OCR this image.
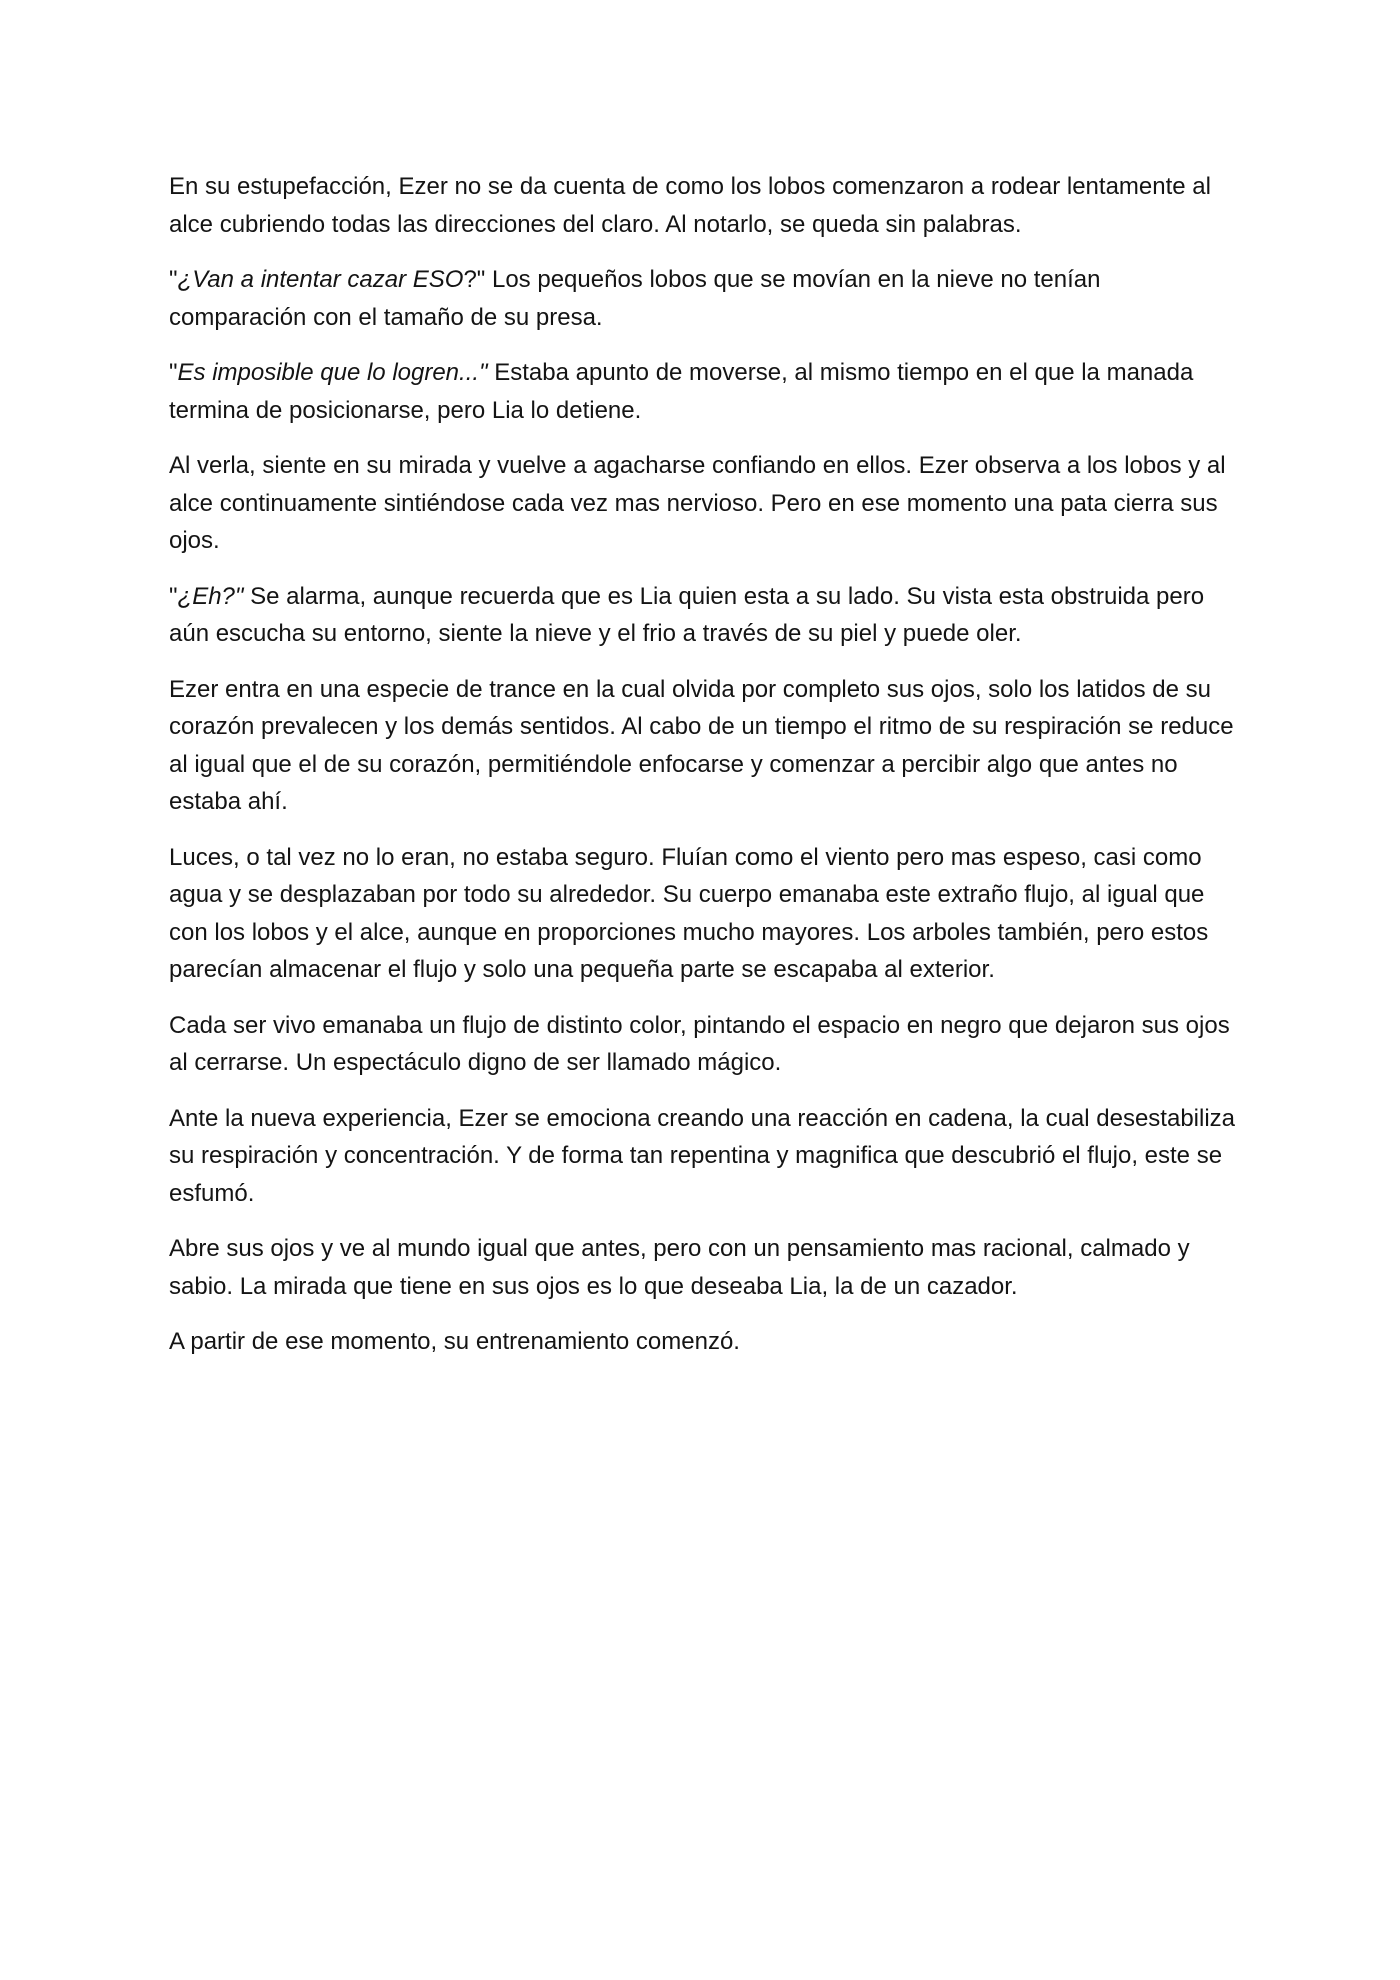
En su estupefacción, Ezer no se da cuenta de como los lobos comenzaron a rodear lentamente al alce cubriendo todas las direcciones del claro. Al notarlo, se queda sin palabras.

"¿Van a intentar cazar ESO?" Los pequeños lobos que se movían en la nieve no tenían comparación con el tamaño de su presa.

"Es imposible que lo logren..." Estaba apunto de moverse, al mismo tiempo en el que la manada termina de posicionarse, pero Lia lo detiene.

Al verla, siente en su mirada y vuelve a agacharse confiando en ellos. Ezer observa a los lobos y al alce continuamente sintiéndose cada vez mas nervioso. Pero en ese momento una pata cierra sus ojos.

"¿Eh?" Se alarma, aunque recuerda que es Lia quien esta a su lado. Su vista esta obstruida pero aún escucha su entorno, siente la nieve y el frio a través de su piel y puede oler.

Ezer entra en una especie de trance en la cual olvida por completo sus ojos, solo los latidos de su corazón prevalecen y los demás sentidos. Al cabo de un tiempo el ritmo de su respiración se reduce al igual que el de su corazón, permitiéndole enfocarse y comenzar a percibir algo que antes no estaba ahí.

Luces, o tal vez no lo eran, no estaba seguro. Fluían como el viento pero mas espeso, casi como agua y se desplazaban por todo su alrededor. Su cuerpo emanaba este extraño flujo, al igual que con los lobos y el alce, aunque en proporciones mucho mayores. Los arboles también, pero estos parecían almacenar el flujo y solo una pequeña parte se escapaba al exterior.

Cada ser vivo emanaba un flujo de distinto color, pintando el espacio en negro que dejaron sus ojos al cerrarse. Un espectáculo digno de ser llamado mágico.

Ante la nueva experiencia, Ezer se emociona creando una reacción en cadena, la cual desestabiliza su respiración y concentración. Y de forma tan repentina y magnifica que descubrió el flujo, este se esfumó.

Abre sus ojos y ve al mundo igual que antes, pero con un pensamiento mas racional, calmado y sabio. La mirada que tiene en sus ojos es lo que deseaba Lia, la de un cazador.

A partir de ese momento, su entrenamiento comenzó.
